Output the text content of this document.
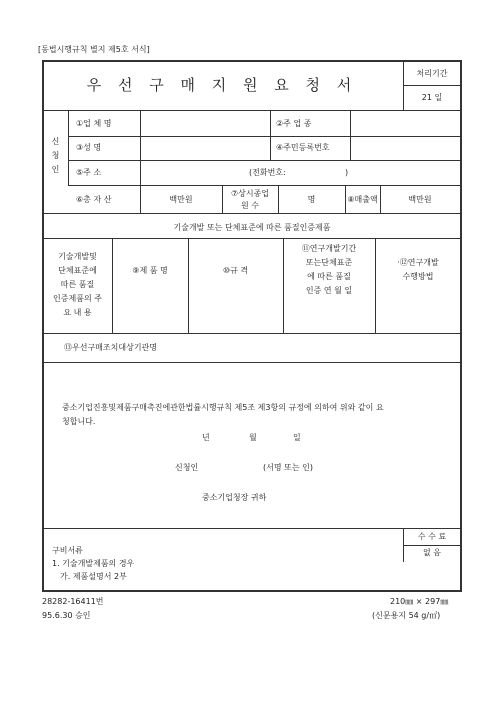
[동법시행규칙 별지 제5호 서식]
우 선 구 매 지 원 요 청 서
처리기간
21 일
신
청
인
①업 체 명	②주 업 종
③성 명	④주민등록번호
⑤주 소	(전화번호:	)
⑥총 자 산	백만원
⑦상시종업
원 수
명	⑧매출액	백만원
기술개발 또는 단체표준에 따른 품질인증제품
기술개발및
단체표준에
따른 품질
인증제품의 주
요 내 용
⑨제 품 명	⑩규 격
⑪연구개발기간
또는단체표준
에 따른 품질
인증 연 월 일
·⑫연구개발
수행방법
⑬우선구매조치대상기관명
중소기업진흥및제품구매촉진에관한법률시행규칙 제5조 제3항의 규정에 의하여 위와 같이 요
청합니다.
년	월	일
신청인	(서명 또는 인)
중소기업청장 귀하
수 수 료
없 음
구비서류
1. 기술개발제품의 경우
가. 제품설명서 2부
28282-16411번
95.6.30 승인
210㎜ × 297㎜
(신문용지 54 g/㎡)
